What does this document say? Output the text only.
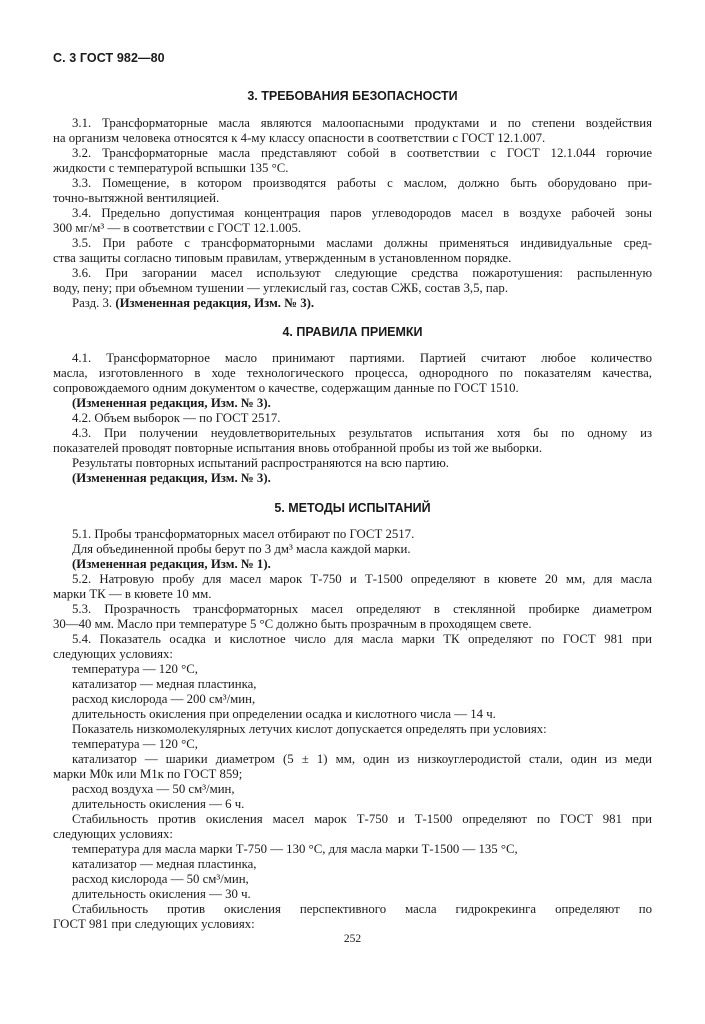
С. 3 ГОСТ 982—80
3. ТРЕБОВАНИЯ БЕЗОПАСНОСТИ
3.1. Трансформаторные масла являются малоопасными продуктами и по степени воздействия
на организм человека относятся к 4-му классу опасности в соответствии с ГОСТ 12.1.007.
3.2. Трансформаторные масла представляют собой в соответствии с ГОСТ 12.1.044 горючие
жидкости с температурой вспышки 135 °С.
3.3. Помещение, в котором производятся работы с маслом, должно быть оборудовано при-
точно-вытяжной вентиляцией.
3.4. Предельно допустимая концентрация паров углеводородов масел в воздухе рабочей зоны
300 мг/м³ — в соответствии с ГОСТ 12.1.005.
3.5. При работе с трансформаторными маслами должны применяться индивидуальные сред-
ства защиты согласно типовым правилам, утвержденным в установленном порядке.
3.6. При загорании масел используют следующие средства пожаротушения: распыленную
воду, пену; при объемном тушении — углекислый газ, состав СЖБ, состав 3,5, пар.
Разд. 3. (Измененная редакция, Изм. № 3).
4. ПРАВИЛА ПРИЕМКИ
4.1. Трансформаторное масло принимают партиями. Партией считают любое количество
масла, изготовленного в ходе технологического процесса, однородного по показателям качества,
сопровождаемого одним документом о качестве, содержащим данные по ГОСТ 1510.
(Измененная редакция, Изм. № 3).
4.2. Объем выборок — по ГОСТ 2517.
4.3. При получении неудовлетворительных результатов испытания хотя бы по одному из
показателей проводят повторные испытания вновь отобранной пробы из той же выборки.
Результаты повторных испытаний распространяются на всю партию.
(Измененная редакция, Изм. № 3).
5. МЕТОДЫ ИСПЫТАНИЙ
5.1. Пробы трансформаторных масел отбирают по ГОСТ 2517.
Для объединенной пробы берут по 3 дм³ масла каждой марки.
(Измененная редакция, Изм. № 1).
5.2. Натровую пробу для масел марок Т-750 и Т-1500 определяют в кювете 20 мм, для масла
марки ТК — в кювете 10 мм.
5.3. Прозрачность трансформаторных масел определяют в стеклянной пробирке диаметром
30—40 мм. Масло при температуре 5 °С должно быть прозрачным в проходящем свете.
5.4. Показатель осадка и кислотное число для масла марки ТК определяют по ГОСТ 981 при
следующих условиях:
температура — 120 °С,
катализатор — медная пластинка,
расход кислорода — 200 см³/мин,
длительность окисления при определении осадка и кислотного числа — 14 ч.
Показатель низкомолекулярных летучих кислот допускается определять при условиях:
температура — 120 °С,
катализатор — шарики диаметром (5 ± 1) мм, один из низкоуглеродистой стали, один из меди
марки М0к или М1к по ГОСТ 859;
расход воздуха — 50 см³/мин,
длительность окисления — 6 ч.
Стабильность против окисления масел марок Т-750 и Т-1500 определяют по ГОСТ 981 при
следующих условиях:
температура для масла марки Т-750 — 130 °С, для масла марки Т-1500 — 135 °С,
катализатор — медная пластинка,
расход кислорода — 50 см³/мин,
длительность окисления — 30 ч.
Стабильность против окисления перспективного масла гидрокрекинга определяют по
ГОСТ 981 при следующих условиях:
252
